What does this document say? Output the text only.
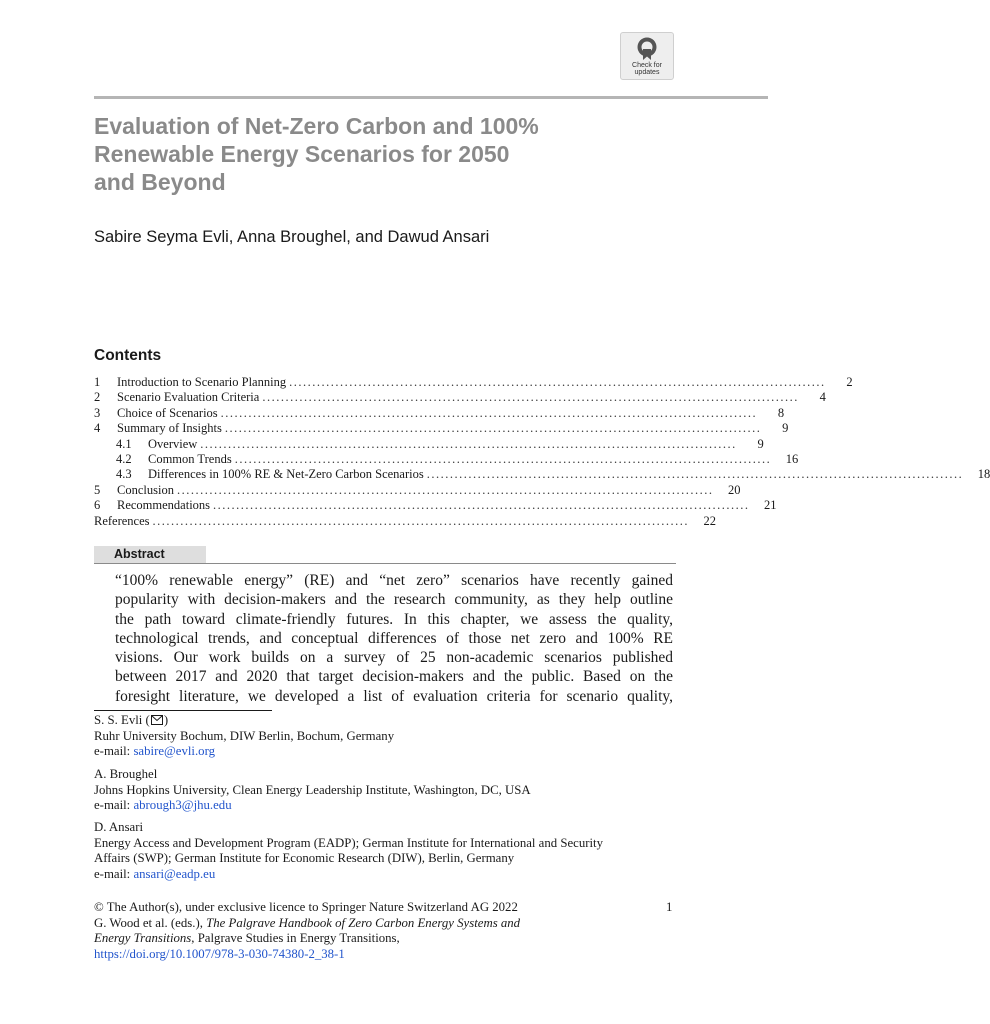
Check for
updates
Evaluation of Net-Zero Carbon and 100%
Renewable Energy Scenarios for 2050
and Beyond
Sabire Seyma Evli, Anna Broughel, and Dawud Ansari
Contents
1	Introduction to Scenario Planning ....................................................................................................................	2
2	Scenario Evaluation Criteria ....................................................................................................................	4
3	Choice of Scenarios ....................................................................................................................	8
4	Summary of Insights ....................................................................................................................	9
4.1	Overview ....................................................................................................................	9
4.2	Common Trends ....................................................................................................................	16
4.3	Differences in 100% RE & Net-Zero Carbon Scenarios ....................................................................................................................	18
5	Conclusion ....................................................................................................................	20
6	Recommendations ....................................................................................................................	21
References ....................................................................................................................	22
Abstract

“100% renewable energy” (RE) and “net zero” scenarios have recently gained
popularity with decision-makers and the research community, as they help outline
the path toward climate-friendly futures. In this chapter, we assess the quality,
technological trends, and conceptual differences of those net zero and 100% RE
visions. Our work builds on a survey of 25 non-academic scenarios published
between 2017 and 2020 that target decision-makers and the public. Based on the
foresight literature, we developed a list of evaluation criteria for scenario quality,

S. S. Evli ( )
Ruhr University Bochum, DIW Berlin, Bochum, Germany
e-mail: sabire@evli.org
A. Broughel
Johns Hopkins University, Clean Energy Leadership Institute, Washington, DC, USA
e-mail: abrough3@jhu.edu
D. Ansari
Energy Access and Development Program (EADP); German Institute for International and Security
Affairs (SWP); German Institute for Economic Research (DIW), Berlin, Germany
e-mail: ansari@eadp.eu
© The Author(s), under exclusive licence to Springer Nature Switzerland AG 2022
G. Wood et al. (eds.), The Palgrave Handbook of Zero Carbon Energy Systems and
Energy Transitions, Palgrave Studies in Energy Transitions,
https://doi.org/10.1007/978-3-030-74380-2_38-1
1
